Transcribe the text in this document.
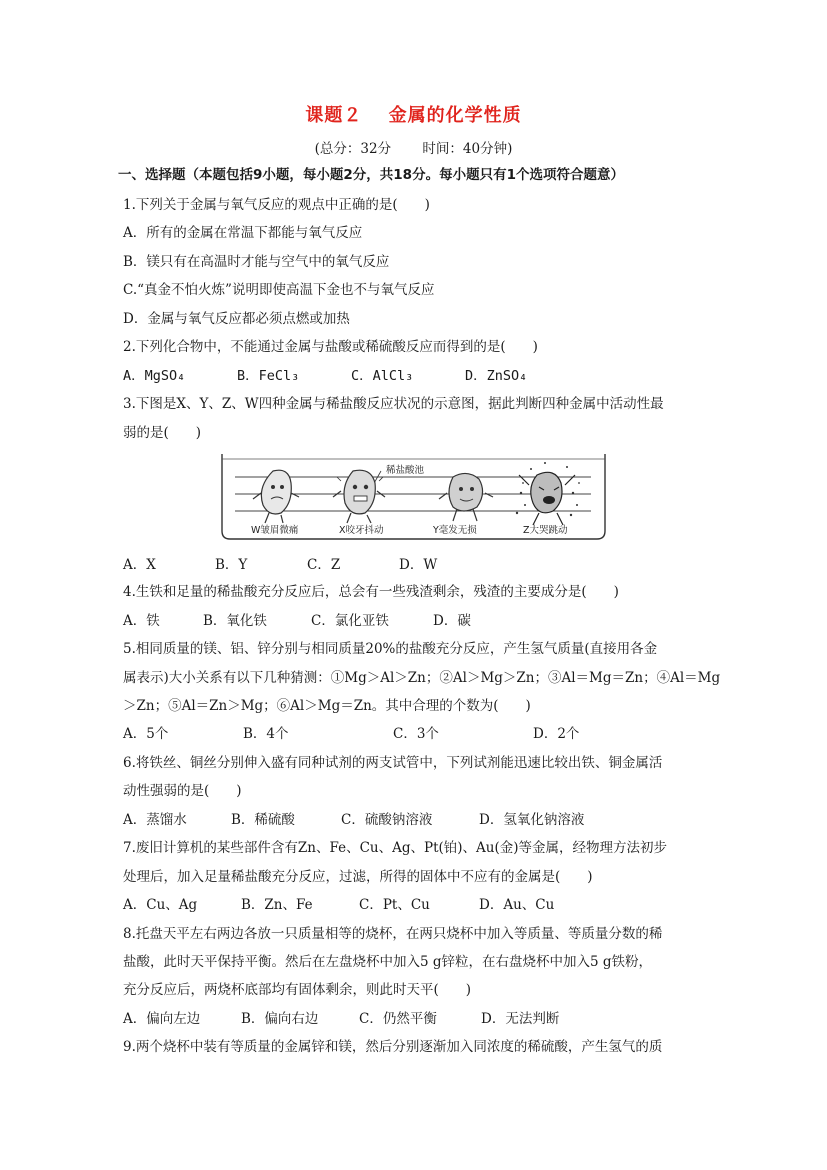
课题２　 金属的化学性质
(总分：32分　　 时间：40分钟)
一、选择题（本题包括9小题，每小题2分，共18分。每小题只有1个选项符合题意）
1.下列关于金属与氧气反应的观点中正确的是(　　)
A．所有的金属在常温下都能与氧气反应
B．镁只有在高温时才能与空气中的氧气反应
C.“真金不怕火炼”说明即使高温下金也不与氧气反应
D．金属与氧气反应都必须点燃或加热
2.下列化合物中，不能通过金属与盐酸或稀硫酸反应而得到的是(　　)

A．MgSO₄

	B．FeCl₃

	C．AlCl₃

	D．ZnSO₄

3.下图是X、Y、Z、W四种金属与稀盐酸反应状况的示意图，据此判断四种金属中活动性最
弱的是(　　)
稀盐酸池
W皱眉微痛	X咬牙抖动	Y毫发无损	Z大哭跳动

A．X

	B．Y

	C．Z

	D．W

4.生铁和足量的稀盐酸充分反应后，总会有一些残渣剩余，残渣的主要成分是(　　)

A．铁

	B．氧化铁

	C．氯化亚铁

	D．碳

5.相同质量的镁、铝、锌分别与相同质量20%的盐酸充分反应，产生氢气质量(直接用各金
属表示)大小关系有以下几种猜测：①Mg＞Al＞Zn；②Al＞Mg＞Zn；③Al＝Mg＝Zn；④Al＝Mg
＞Zn；⑤Al＝Zn＞Mg；⑥Al＞Mg＝Zn。其中合理的个数为(　　)

A．5个

	B．4个

	C．3个

	D．2个

6.将铁丝、铜丝分别伸入盛有同种试剂的两支试管中，下列试剂能迅速比较出铁、铜金属活
动性强弱的是(　　)

A．蒸馏水

	B．稀硫酸

	C．硫酸钠溶液

	D．氢氧化钠溶液

7.废旧计算机的某些部件含有Zn、Fe、Cu、Ag、Pt(铂)、Au(金)等金属，经物理方法初步
处理后，加入足量稀盐酸充分反应，过滤，所得的固体中不应有的金属是(　　)

A．Cu、Ag

	B．Zn、Fe

	C．Pt、Cu

	D．Au、Cu

8.托盘天平左右两边各放一只质量相等的烧杯，在两只烧杯中加入等质量、等质量分数的稀
盐酸，此时天平保持平衡。然后在左盘烧杯中加入5 g锌粒，在右盘烧杯中加入5 g铁粉，
充分反应后，两烧杯底部均有固体剩余，则此时天平(　　)

A．偏向左边

	B．偏向右边

	C．仍然平衡

	D．无法判断

9.两个烧杯中装有等质量的金属锌和镁，然后分别逐渐加入同浓度的稀硫酸，产生氢气的质
